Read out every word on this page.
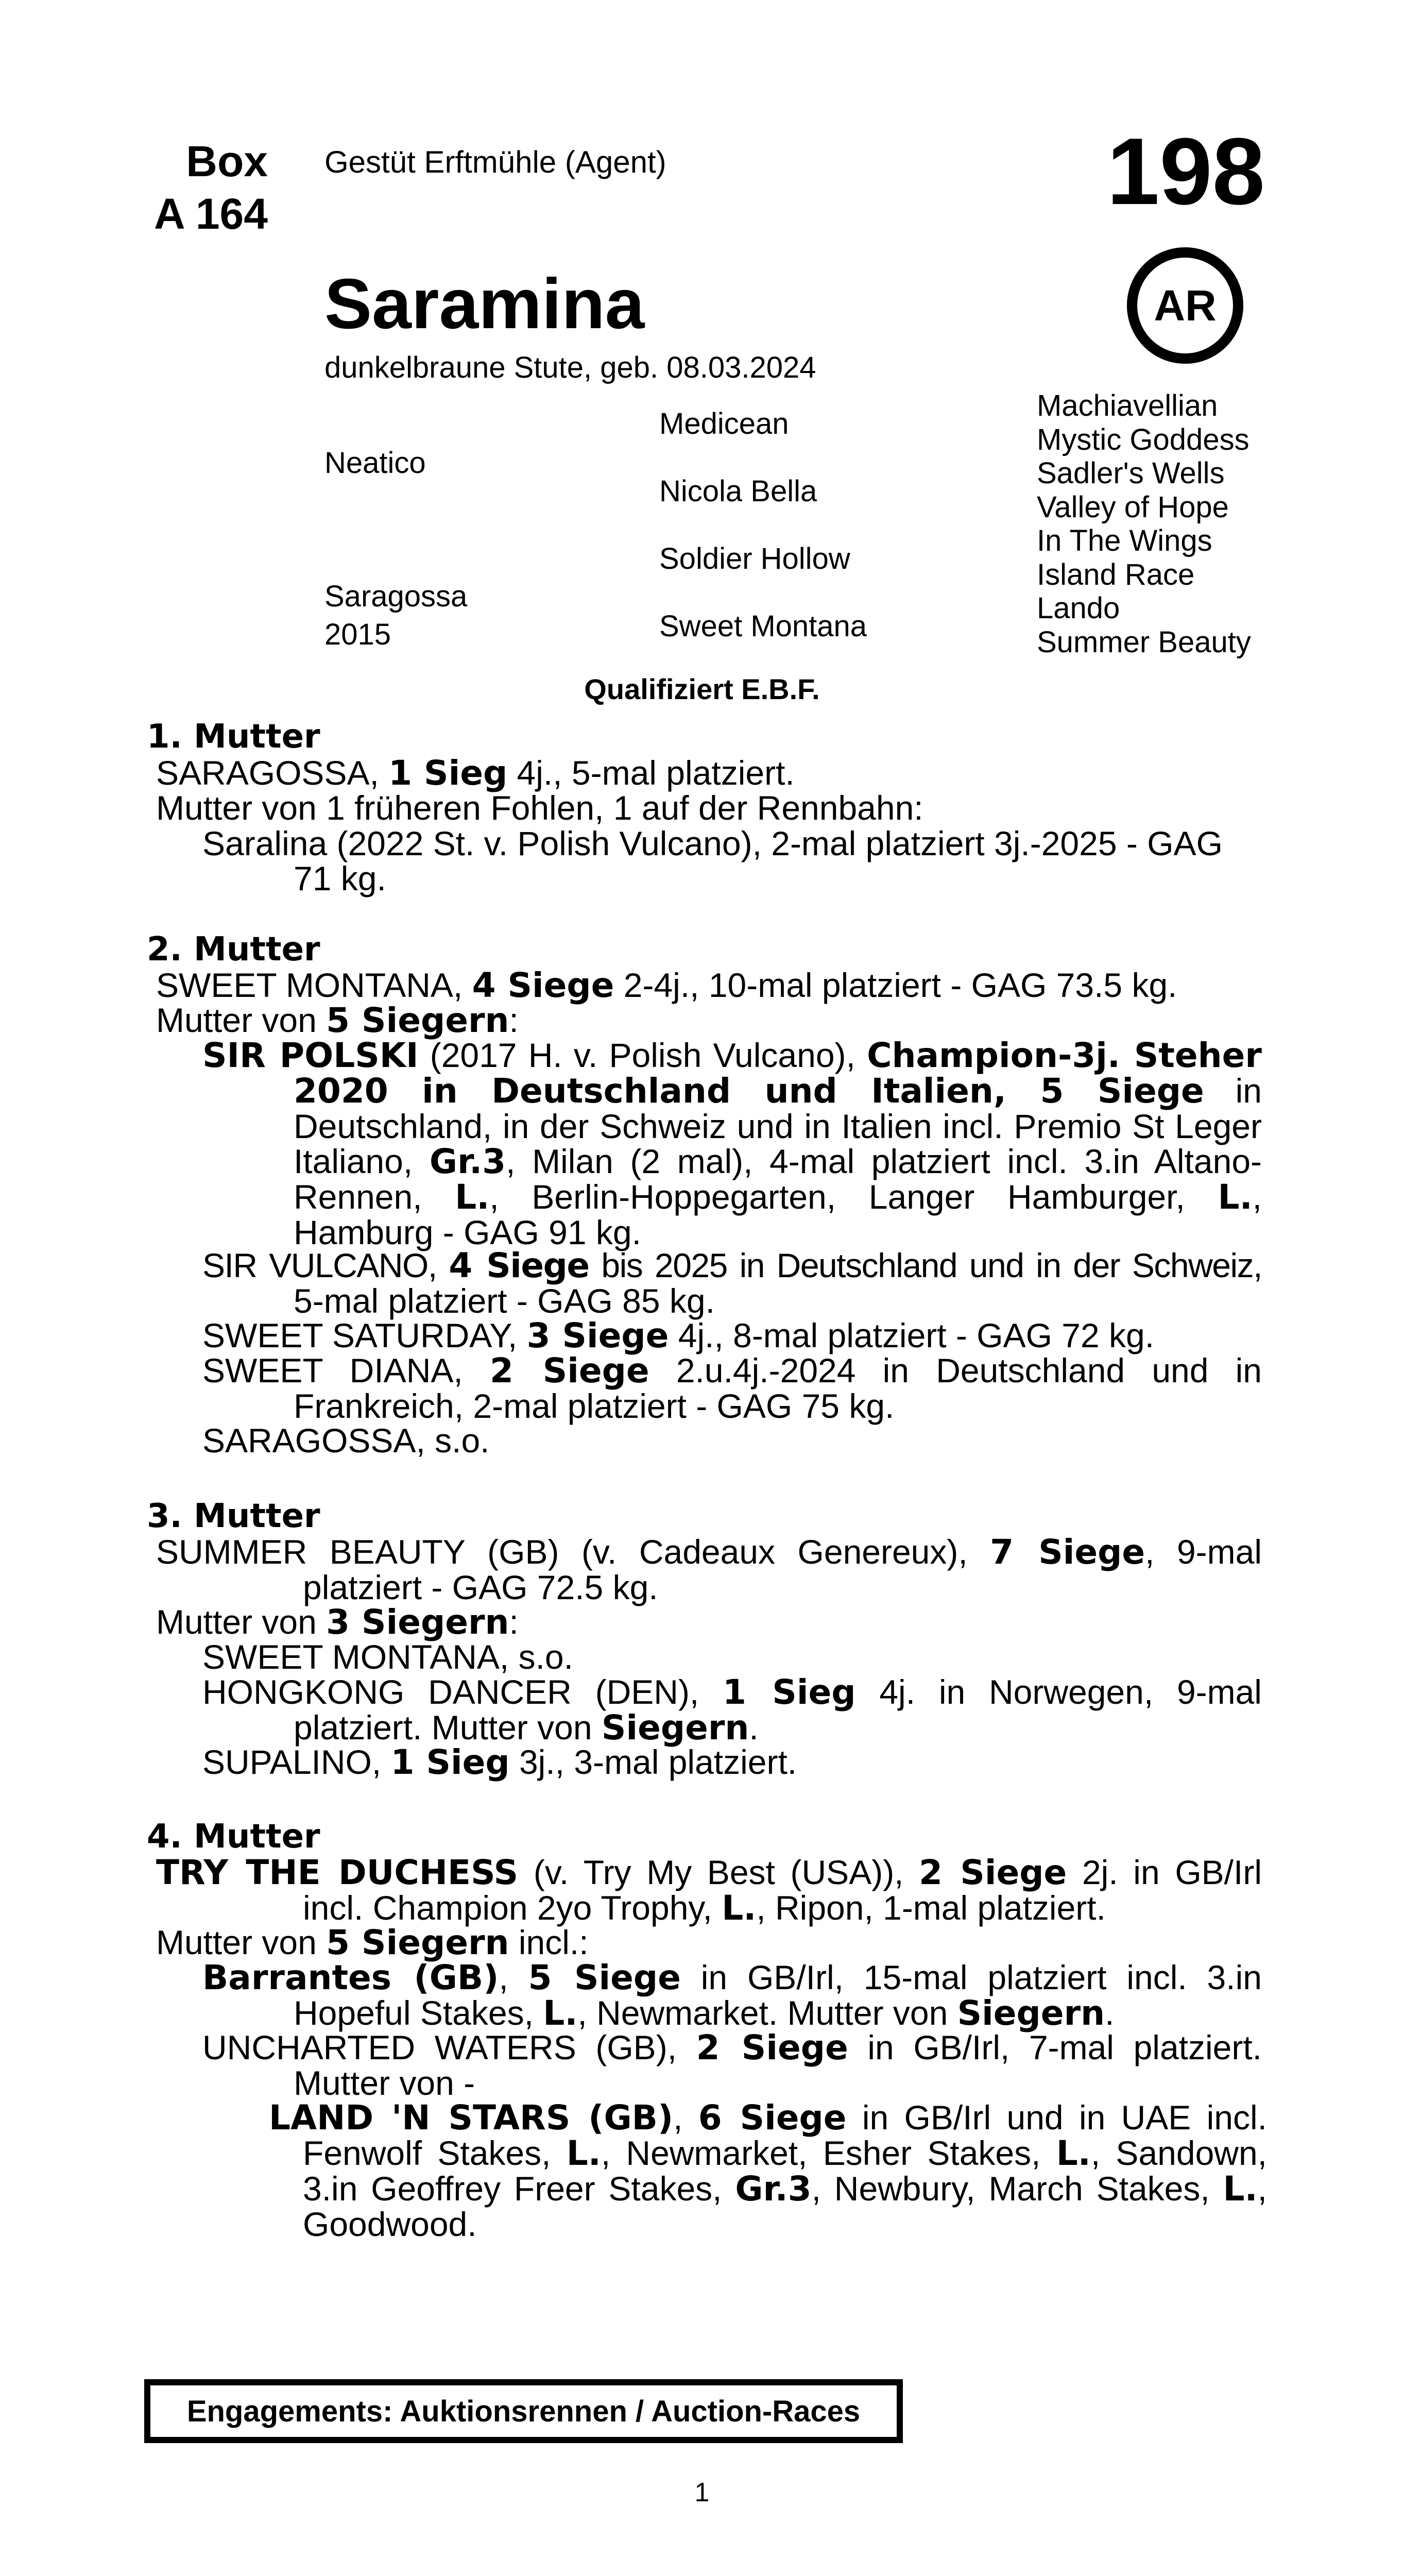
Box
A 164
Gestüt Erftmühle (Agent)	198
AR
Saramina
dunkelbraune Stute, geb. 08.03.2024
Neatico
Saragossa
2015
Medicean
Nicola Bella
Soldier Hollow
Sweet Montana
Machiavellian
Mystic Goddess
Sadler's Wells
Valley of Hope
In The Wings
Island Race
Lando
Summer Beauty
Qualifiziert E.B.F.
1. Mutter
SARAGOSSA, 1 Sieg 4j., 5-mal platziert.
Mutter von 1 früheren Fohlen, 1 auf der Rennbahn:
Saralina (2022 St. v. Polish Vulcano), 2-mal platziert 3j.-2025 - GAG
71 kg.
2. Mutter
SWEET MONTANA, 4 Siege 2-4j., 10-mal platziert - GAG 73.5 kg.
Mutter von 5 Siegern:
SIR POLSKI (2017 H. v. Polish Vulcano), Champion-3j. Steher
2020 in Deutschland und Italien, 5 Siege in
Deutschland, in der Schweiz und in Italien incl. Premio St Leger
Italiano, Gr.3, Milan (2 mal), 4-mal platziert incl. 3.in Altano-
Rennen, L., Berlin-Hoppegarten, Langer Hamburger, L.,
Hamburg - GAG 91 kg.
SIR VULCANO, 4 Siege bis 2025 in Deutschland und in der Schweiz,
5-mal platziert - GAG 85 kg.
SWEET SATURDAY, 3 Siege 4j., 8-mal platziert - GAG 72 kg.
SWEET DIANA, 2 Siege 2.u.4j.-2024 in Deutschland und in
Frankreich, 2-mal platziert - GAG 75 kg.
SARAGOSSA, s.o.
3. Mutter
SUMMER BEAUTY (GB) (v. Cadeaux Genereux), 7 Siege, 9-mal
platziert - GAG 72.5 kg.
Mutter von 3 Siegern:
SWEET MONTANA, s.o.
HONGKONG DANCER (DEN), 1 Sieg 4j. in Norwegen, 9-mal
platziert. Mutter von Siegern.
SUPALINO, 1 Sieg 3j., 3-mal platziert.
4. Mutter
TRY THE DUCHESS (v. Try My Best (USA)), 2 Siege 2j. in GB/Irl
incl. Champion 2yo Trophy, L., Ripon, 1-mal platziert.
Mutter von 5 Siegern incl.:
Barrantes (GB), 5 Siege in GB/Irl, 15-mal platziert incl. 3.in
Hopeful Stakes, L., Newmarket. Mutter von Siegern.
UNCHARTED WATERS (GB), 2 Siege in GB/Irl, 7-mal platziert.
Mutter von -
LAND 'N STARS (GB), 6 Siege in GB/Irl und in UAE incl.
Fenwolf Stakes, L., Newmarket, Esher Stakes, L., Sandown,
3.in Geoffrey Freer Stakes, Gr.3, Newbury, March Stakes, L.,
Goodwood.
Engagements: Auktionsrennen / Auction-Races
1
